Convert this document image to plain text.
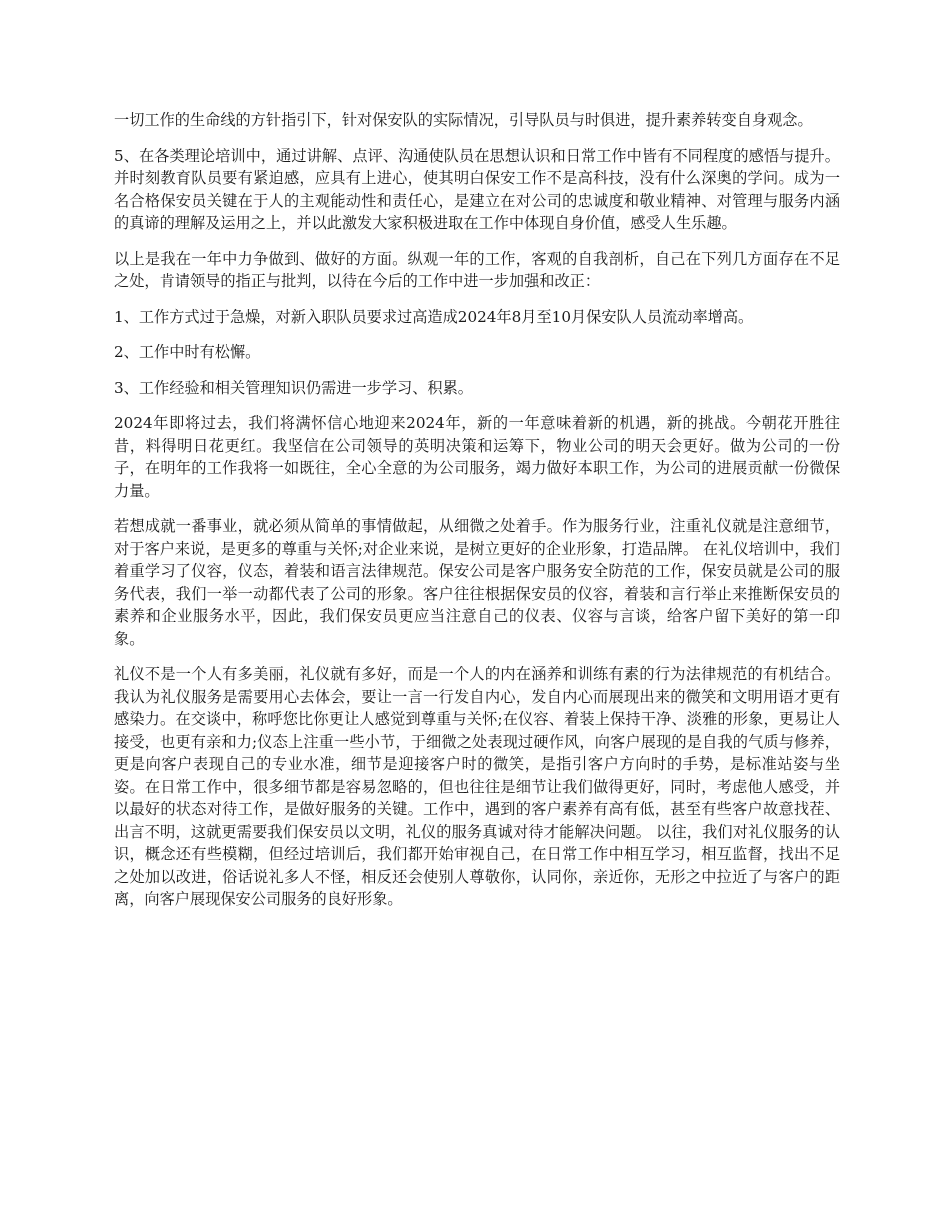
一切工作的生命线的方针指引下，针对保安队的实际情况，引导队员与时俱进，提升素养转变自身观念。

5、在各类理论培训中，通过讲解、点评、沟通使队员在思想认识和日常工作中皆有不同程度的感悟与提升。并时刻教育队员要有紧迫感，应具有上进心，使其明白保安工作不是高科技，没有什么深奥的学问。成为一名合格保安员关键在于人的主观能动性和责任心，是建立在对公司的忠诚度和敬业精神、对管理与服务内涵的真谛的理解及运用之上，并以此激发大家积极进取在工作中体现自身价值，感受人生乐趣。

以上是我在一年中力争做到、做好的方面。纵观一年的工作，客观的自我剖析，自己在下列几方面存在不足之处，肯请领导的指正与批判，以待在今后的工作中进一步加强和改正：

1、工作方式过于急燥，对新入职队员要求过高造成2024年8月至10月保安队人员流动率增高。

2、工作中时有松懈。

3、工作经验和相关管理知识仍需进一步学习、积累。

2024年即将过去，我们将满怀信心地迎来2024年，新的一年意味着新的机遇，新的挑战。今朝花开胜往昔，料得明日花更红。我坚信在公司领导的英明决策和运筹下，物业公司的明天会更好。做为公司的一份子，在明年的工作我将一如既往，全心全意的为公司服务，竭力做好本职工作，为公司的进展贡献一份微保力量。

若想成就一番事业，就必须从简单的事情做起，从细微之处着手。作为服务行业，注重礼仪就是注意细节，对于客户来说，是更多的尊重与关怀;对企业来说，是树立更好的企业形象，打造品牌。 在礼仪培训中，我们着重学习了仪容，仪态，着装和语言法律规范。保安公司是客户服务安全防范的工作，保安员就是公司的服务代表，我们一举一动都代表了公司的形象。客户往往根据保安员的仪容，着装和言行举止来推断保安员的素养和企业服务水平，因此，我们保安员更应当注意自己的仪表、仪容与言谈，给客户留下美好的第一印象。

礼仪不是一个人有多美丽，礼仪就有多好，而是一个人的内在涵养和训练有素的行为法律规范的有机结合。我认为礼仪服务是需要用心去体会，要让一言一行发自内心，发自内心而展现出来的微笑和文明用语才更有感染力。在交谈中，称呼您比你更让人感觉到尊重与关怀;在仪容、着装上保持干净、淡雅的形象，更易让人接受，也更有亲和力;仪态上注重一些小节，于细微之处表现过硬作风，向客户展现的是自我的气质与修养，更是向客户表现自己的专业水准，细节是迎接客户时的微笑，是指引客户方向时的手势，是标准站姿与坐姿。在日常工作中，很多细节都是容易忽略的，但也往往是细节让我们做得更好，同时，考虑他人感受，并以最好的状态对待工作，是做好服务的关键。工作中，遇到的客户素养有高有低，甚至有些客户故意找茬、出言不明，这就更需要我们保安员以文明，礼仪的服务真诚对待才能解决问题。 以往，我们对礼仪服务的认识，概念还有些模糊，但经过培训后，我们都开始审视自己，在日常工作中相互学习，相互监督，找出不足之处加以改进，俗话说礼多人不怪，相反还会使别人尊敬你，认同你，亲近你，无形之中拉近了与客户的距离，向客户展现保安公司服务的良好形象。
